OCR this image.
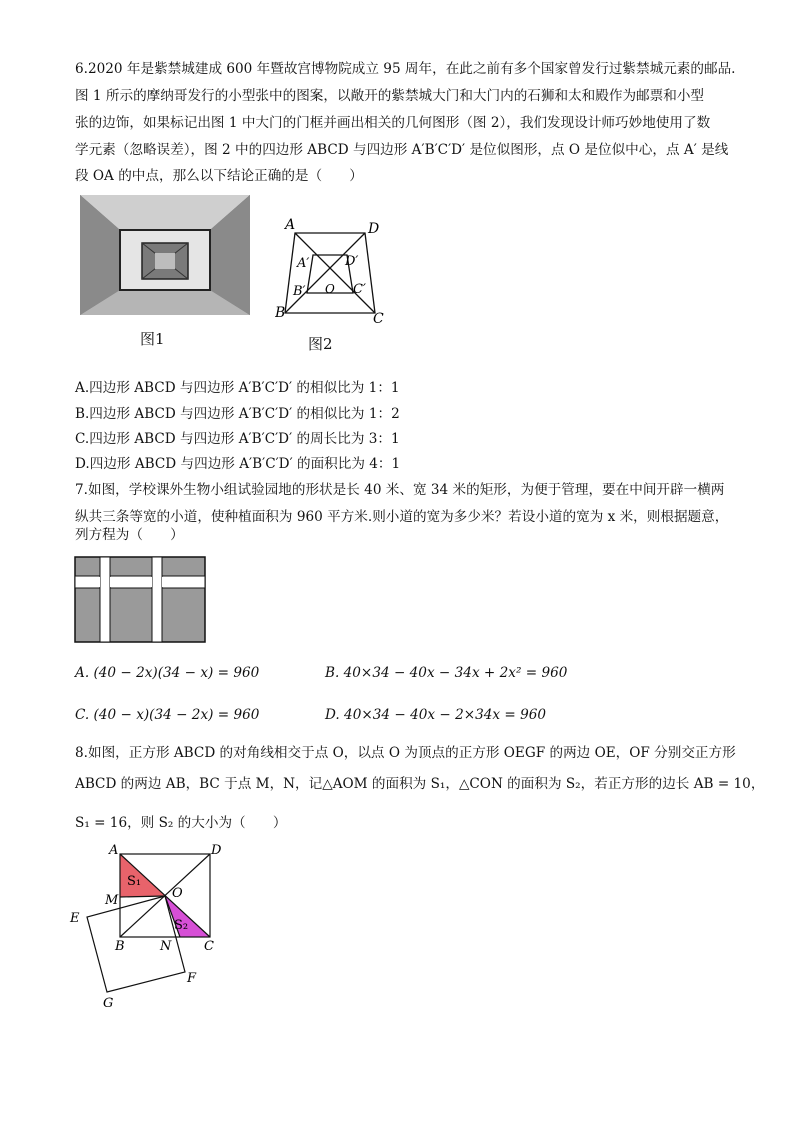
6.2020 年是紫禁城建成 600 年暨故宫博物院成立 95 周年，在此之前有多个国家曾发行过紫禁城元素的邮品.
图 1 所示的摩纳哥发行的小型张中的图案，以敞开的紫禁城大门和大门内的石狮和太和殿作为邮票和小型
张的边饰，如果标记出图 1 中大门的门框并画出相关的几何图形（图 2），我们发现设计师巧妙地使用了数
学元素（忽略误差），图 2 中的四边形 ABCD 与四边形 A′B′C′D′ 是位似图形，点 O 是位似中心，点 A′ 是线
段 OA 的中点，那么以下结论正确的是（　　）
图1
A	D
A′	D′
B′ O C′
B	C
图2
A.四边形 ABCD 与四边形 A′B′C′D′ 的相似比为 1：1
B.四边形 ABCD 与四边形 A′B′C′D′ 的相似比为 1：2
C.四边形 ABCD 与四边形 A′B′C′D′ 的周长比为 3：1
D.四边形 ABCD 与四边形 A′B′C′D′ 的面积比为 4：1
7.如图，学校课外生物小组试验园地的形状是长 40 米、宽 34 米的矩形，为便于管理，要在中间开辟一横两
纵共三条等宽的小道，使种植面积为 960 平方米.则小道的宽为多少米？若设小道的宽为 x 米，则根据题意，
列方程为（　　）
A. (40 − 2x)(34 − x) = 960	B. 40×34 − 40x − 34x + 2x² = 960
C. (40 − x)(34 − 2x) = 960	D. 40×34 − 40x − 2×34x = 960
8.如图，正方形 ABCD 的对角线相交于点 O，以点 O 为顶点的正方形 OEGF 的两边 OE，OF 分别交正方形
ABCD 的两边 AB，BC 于点 M，N，记△AOM 的面积为 S₁，△CON 的面积为 S₂，若正方形的边长 AB = 10，
S₁ = 16，则 S₂ 的大小为（　　）
A	D
S₁
O
M
E	S₂
B	N	C
F
G
